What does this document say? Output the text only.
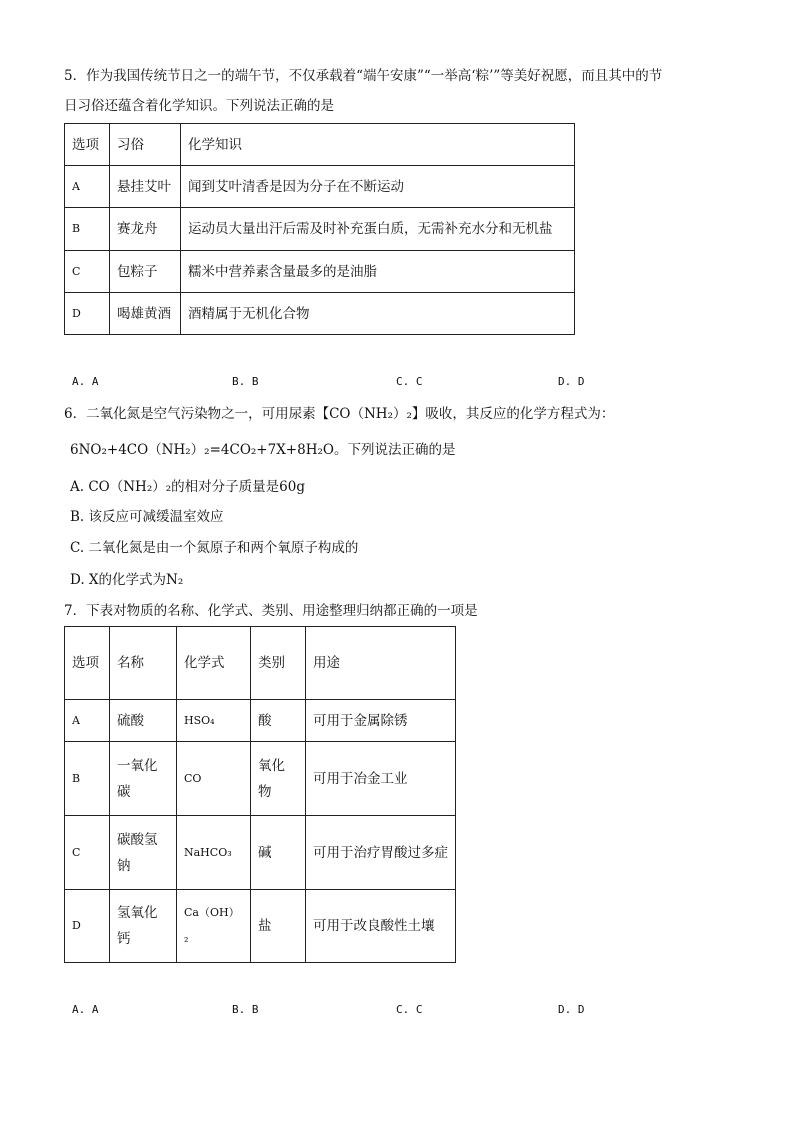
5．作为我国传统节日之一的端午节，不仅承载着“端午安康”“一举高‘粽’”等美好祝愿，而且其中的节
日习俗还蕴含着化学知识。下列说法正确的是
选项	习俗	化学知识
A	悬挂艾叶	闻到艾叶清香是因为分子在不断运动
B	赛龙舟	运动员大量出汗后需及时补充蛋白质，无需补充水分和无机盐
C	包粽子	糯米中营养素含量最多的是油脂
D	喝雄黄酒	酒精属于无机化合物
A. A	B. B	C. C	D. D
6．二氧化氮是空气污染物之一，可用尿素【CO（NH₂）₂】吸收，其反应的化学方程式为：
6NO₂+4CO（NH₂）₂=4CO₂+7X+8H₂O。下列说法正确的是
A. CO（NH₂）₂的相对分子质量是60g
B. 该反应可减缓温室效应
C. 二氧化氮是由一个氮原子和两个氧原子构成的
D. X的化学式为N₂
7．下表对物质的名称、化学式、类别、用途整理归纳都正确的一项是
选项	名称	化学式	类别	用途
A	硫酸	HSO₄	酸	可用于金属除锈
B	一氧化碳	CO	氧化物	可用于冶金工业
C	碳酸氢钠	NaHCO₃	碱	可用于治疗胃酸过多症
D	氢氧化钙	Ca（OH）₂	盐	可用于改良酸性土壤
A. A	B. B	C. C	D. D
